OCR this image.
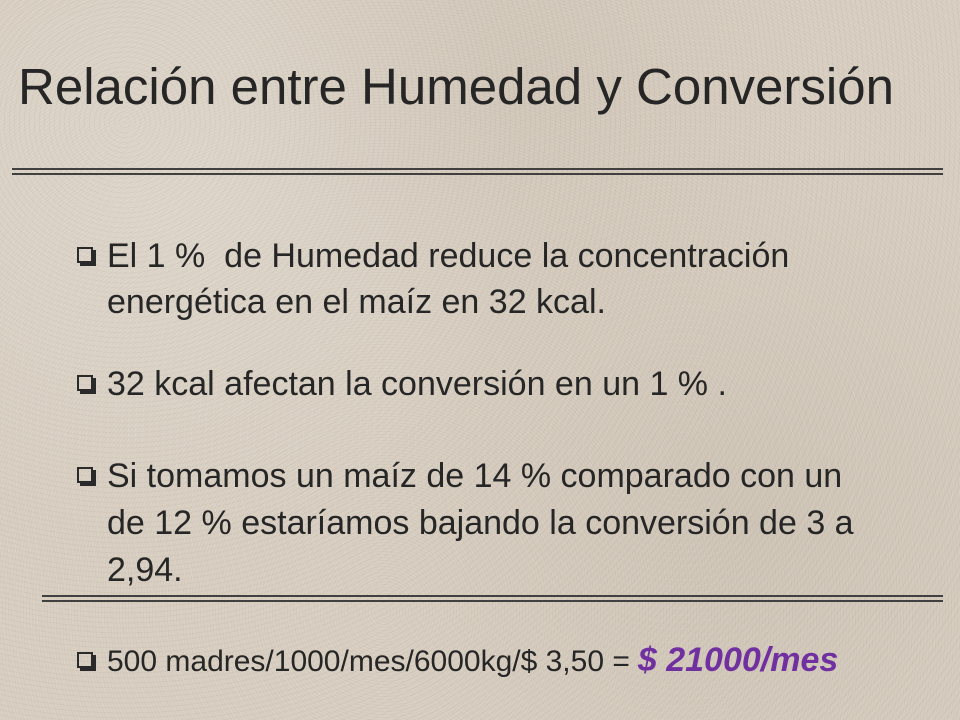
Relación entre Humedad y Conversión
El 1 %  de Humedad reduce la concentración
energética en el maíz en 32 kcal.
32 kcal afectan la conversión en un 1 % .
Si tomamos un maíz de 14 % comparado con un
de 12 % estaríamos bajando la conversión de 3 a
2,94.
500 madres/1000/mes/6000kg/$ 3,50 = $ 21000/mes
